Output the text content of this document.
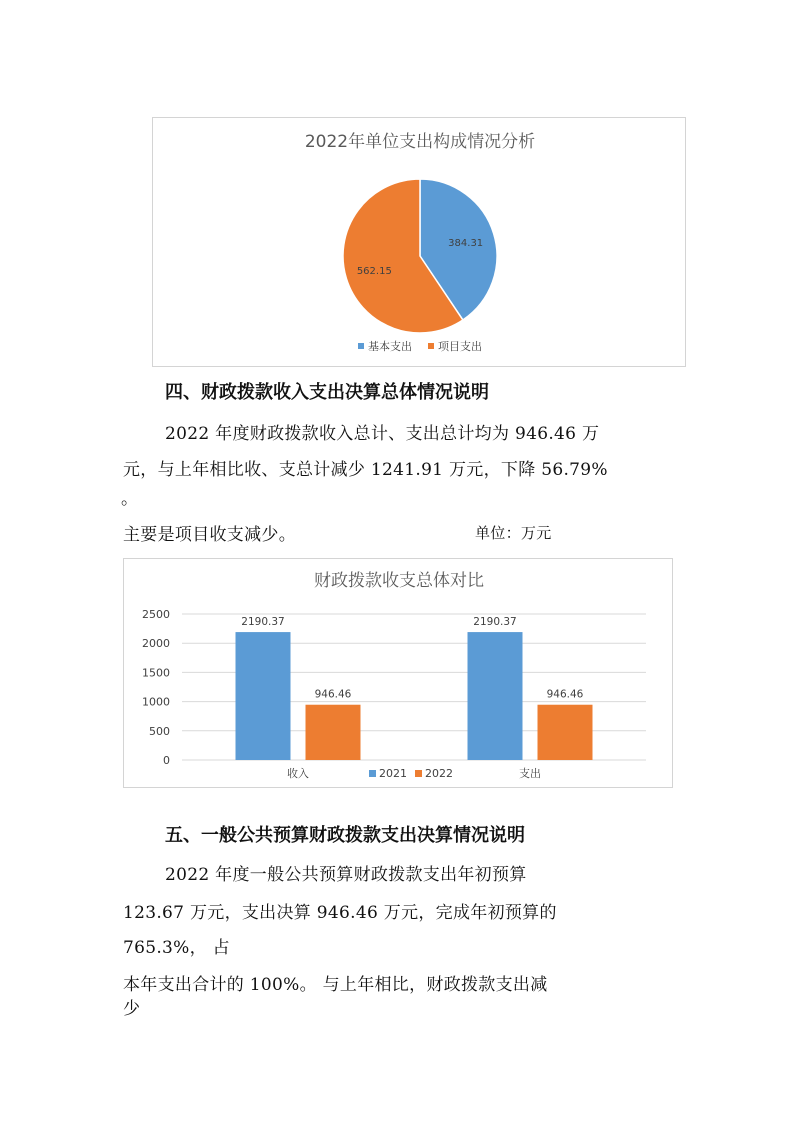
2022年单位支出构成情况分析
384.31
562.15
基本支出 项目支出

四、财政拨款收入支出决算总体情况说明

2022 年度财政拨款收入总计、支出总计均为 946.46 万

元，与上年相比收、支总计减少 1241.91 万元，下降 56.79%

。

主要是项目收支减少。	单位：万元

财政拨款收支总体对比
0
500
1000
1500
2000
2500
2190.37
946.46
2190.37
946.46
收入	支出
2021 2022

五、一般公共预算财政拨款支出决算情况说明

2022 年度一般公共预算财政拨款支出年初预算

123.67 万元，支出决算 946.46 万元，完成年初预算的

765.3%， 占

本年支出合计的 100%。 与上年相比，财政拨款支出减

少
